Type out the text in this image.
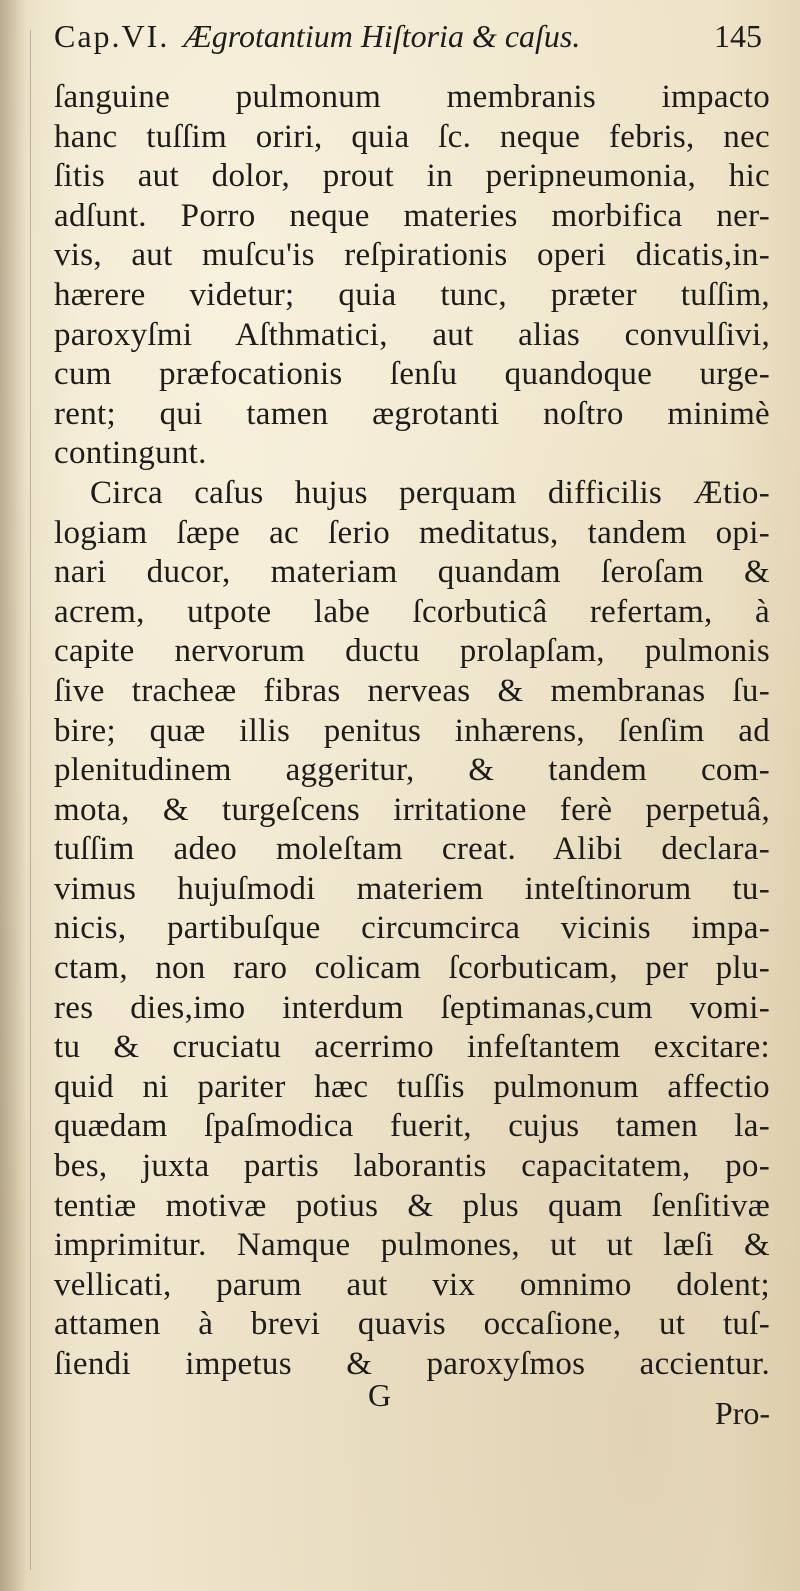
Cap.VI. Ægrotantium Hiſtoria & caſus.	145
ſanguine pulmonum membranis impacto
hanc tuſſim oriri, quia ſc. neque febris, nec
ſitis aut dolor, prout in peripneumonia, hic
adſunt. Porro neque materies morbifica ner-
vis, aut muſcu'is reſpirationis operi dicatis,in-
hærere videtur; quia tunc, præter tuſſim,
paroxyſmi Aſthmatici, aut alias convulſivi,
cum præfocationis ſenſu quandoque urge-
rent; qui tamen ægrotanti noſtro minimè
contingunt.
Circa caſus hujus perquam difficilis Ætio-
logiam ſæpe ac ſerio meditatus, tandem opi-
nari ducor, materiam quandam ſeroſam &
acrem, utpote labe ſcorbuticâ refertam, à
capite nervorum ductu prolapſam, pulmonis
ſive tracheæ fibras nerveas & membranas ſu-
bire; quæ illis penitus inhærens, ſenſim ad
plenitudinem aggeritur, & tandem com-
mota, & turgeſcens irritatione ferè perpetuâ,
tuſſim adeo moleſtam creat. Alibi declara-
vimus hujuſmodi materiem inteſtinorum tu-
nicis, partibuſque circumcirca vicinis impa-
ctam, non raro colicam ſcorbuticam, per plu-
res dies,imo interdum ſeptimanas,cum vomi-
tu & cruciatu acerrimo infeſtantem excitare:
quid ni pariter hæc tuſſis pulmonum affectio
quædam ſpaſmodica fuerit, cujus tamen la-
bes, juxta partis laborantis capacitatem, po-
tentiæ motivæ potius & plus quam ſenſitivæ
imprimitur. Namque pulmones, ut ut læſi &
vellicati, parum aut vix omnimo dolent;
attamen à brevi quavis occaſione, ut tuſ-
ſiendi impetus & paroxyſmos accientur.
G	Pro-
